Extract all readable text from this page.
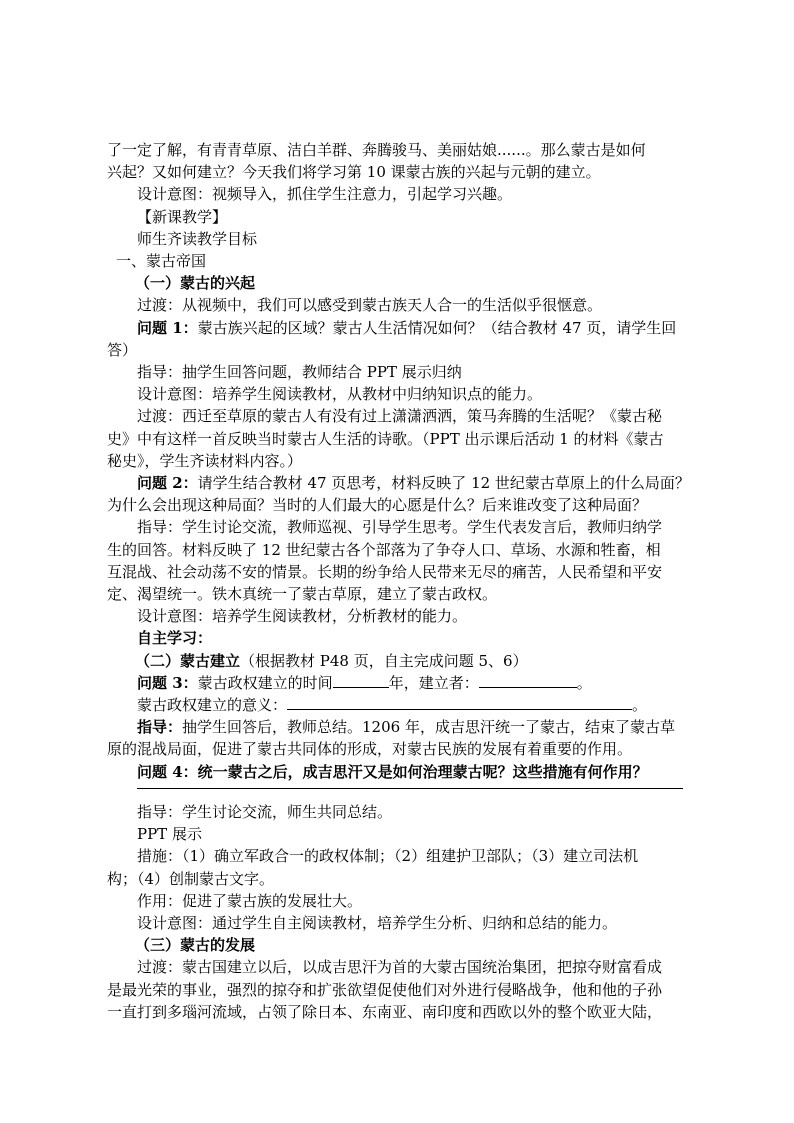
了一定了解，有青青草原、洁白羊群、奔腾骏马、美丽姑娘......。那么蒙古是如何

兴起？又如何建立？今天我们将学习第 10 课蒙古族的兴起与元朝的建立。

设计意图：视频导入，抓住学生注意力，引起学习兴趣。

【新课教学】

师生齐读教学目标

一、蒙古帝国

（一）蒙古的兴起

过渡：从视频中，我们可以感受到蒙古族天人合一的生活似乎很惬意。

问题 1：蒙古族兴起的区域？蒙古人生活情况如何？（结合教材 47 页，请学生回

答）

指导：抽学生回答问题，教师结合 PPT 展示归纳

设计意图：培养学生阅读教材，从教材中归纳知识点的能力。

过渡：西迁至草原的蒙古人有没有过上潇潇洒洒，策马奔腾的生活呢？《蒙古秘

史》中有这样一首反映当时蒙古人生活的诗歌。（PPT 出示课后活动 1 的材料《蒙古

秘史》，学生齐读材料内容。）

问题 2：请学生结合教材 47 页思考，材料反映了 12 世纪蒙古草原上的什么局面？

为什么会出现这种局面？当时的人们最大的心愿是什么？后来谁改变了这种局面？

指导：学生讨论交流，教师巡视、引导学生思考。学生代表发言后，教师归纳学

生的回答。材料反映了 12 世纪蒙古各个部落为了争夺人口、草场、水源和牲畜，相

互混战、社会动荡不安的情景。长期的纷争给人民带来无尽的痛苦，人民希望和平安

定、渴望统一。铁木真统一了蒙古草原，建立了蒙古政权。

设计意图：培养学生阅读教材，分析教材的能力。

自主学习：

（二）蒙古建立（根据教材 P48 页，自主完成问题 5、6）

问题 3：蒙古政权建立的时间	年，建立者：	。

蒙古政权建立的意义：	。

指导：抽学生回答后，教师总结。1206 年，成吉思汗统一了蒙古，结束了蒙古草

原的混战局面，促进了蒙古共同体的形成，对蒙古民族的发展有着重要的作用。

问题 4：统一蒙古之后，成吉思汗又是如何治理蒙古呢？这些措施有何作用？

指导：学生讨论交流，师生共同总结。

PPT 展示

措施：（1）确立军政合一的政权体制；（2）组建护卫部队；（3）建立司法机

构；（4）创制蒙古文字。

作用：促进了蒙古族的发展壮大。

设计意图：通过学生自主阅读教材，培养学生分析、归纳和总结的能力。

（三）蒙古的发展

过渡：蒙古国建立以后，以成吉思汗为首的大蒙古国统治集团，把掠夺财富看成

是最光荣的事业，强烈的掠夺和扩张欲望促使他们对外进行侵略战争，他和他的子孙

一直打到多瑙河流域，占领了除日本、东南亚、南印度和西欧以外的整个欧亚大陆，
